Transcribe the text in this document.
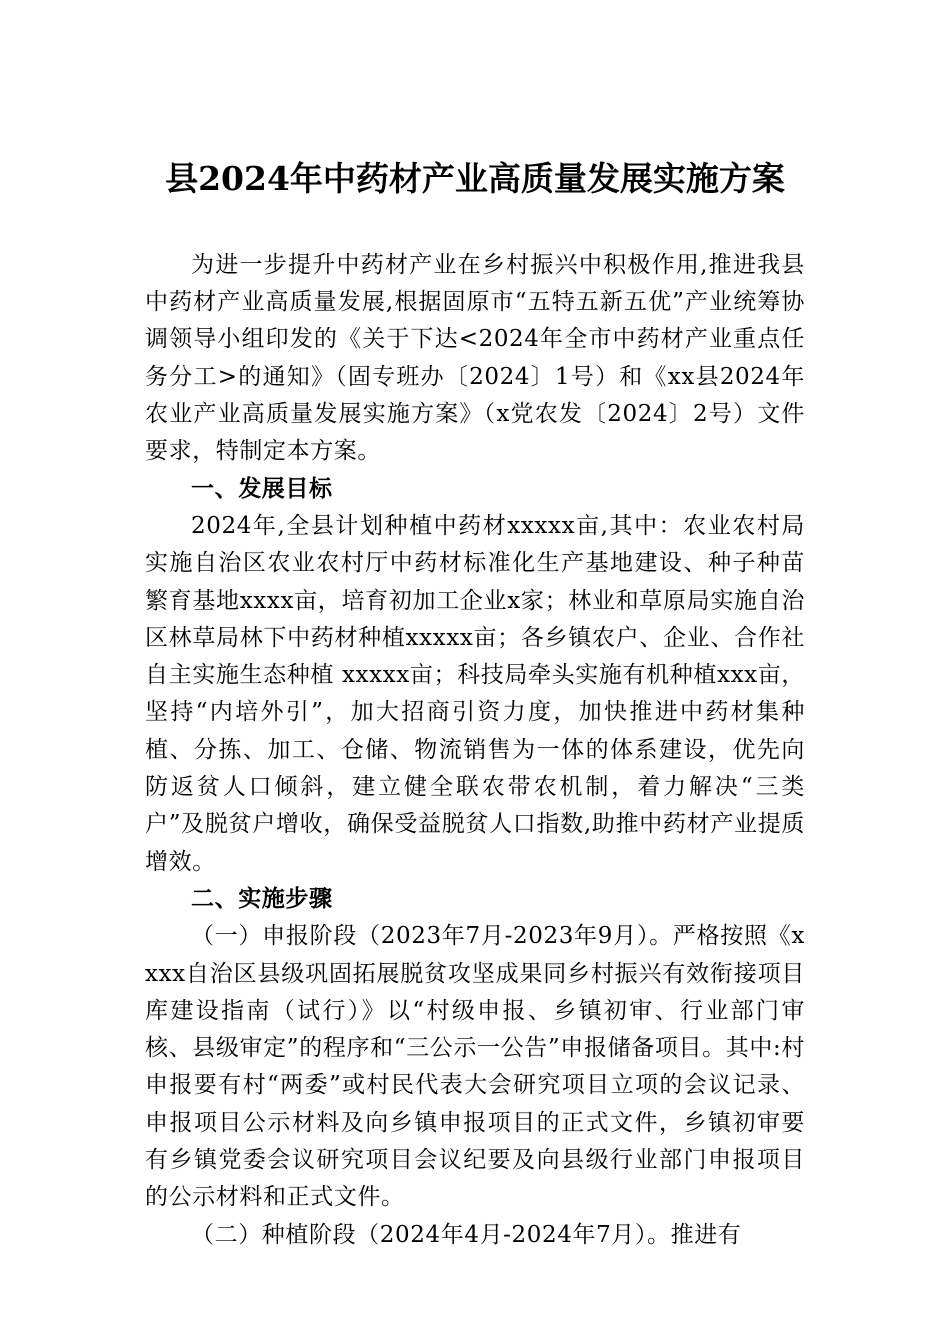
县2024年中药材产业高质量发展实施方案

为进一步提升中药材产业在乡村振兴中积极作用,推进我县中药材产业高质量发展,根据固原市“五特五新五优”产业统筹协调领导小组印发的《关于下达<2024年全市中药材产业重点任务分工>的通知》（固专班办〔2024〕1号）和《xx县2024年农业产业高质量发展实施方案》（x党农发〔2024〕2号）文件要求，特制定本方案。

一、发展目标

2024年,全县计划种植中药材xxxxx亩,其中：农业农村局实施自治区农业农村厅中药材标准化生产基地建设、种子种苗繁育基地xxxx亩，培育初加工企业x家；林业和草原局实施自治区林草局林下中药材种植xxxxx亩；各乡镇农户、企业、合作社自主实施生态种植 xxxxx亩；科技局牵头实施有机种植xxx亩，坚持“内培外引”，加大招商引资力度，加快推进中药材集种植、分拣、加工、仓储、物流销售为一体的体系建设，优先向防返贫人口倾斜，建立健全联农带农机制，着力解决“三类户”及脱贫户增收，确保受益脱贫人口指数,助推中药材产业提质增效。

二、实施步骤

（一）申报阶段（2023年7月-2023年9月）。严格按照《xxxx自治区县级巩固拓展脱贫攻坚成果同乡村振兴有效衔接项目库建设指南（试行）》以“村级申报、乡镇初审、行业部门审核、县级审定”的程序和“三公示一公告”申报储备项目。其中:村申报要有村“两委”或村民代表大会研究项目立项的会议记录、申报项目公示材料及向乡镇申报项目的正式文件，乡镇初审要有乡镇党委会议研究项目会议纪要及向县级行业部门申报项目的公示材料和正式文件。

（二）种植阶段（2024年4月-2024年7月）。推进有
